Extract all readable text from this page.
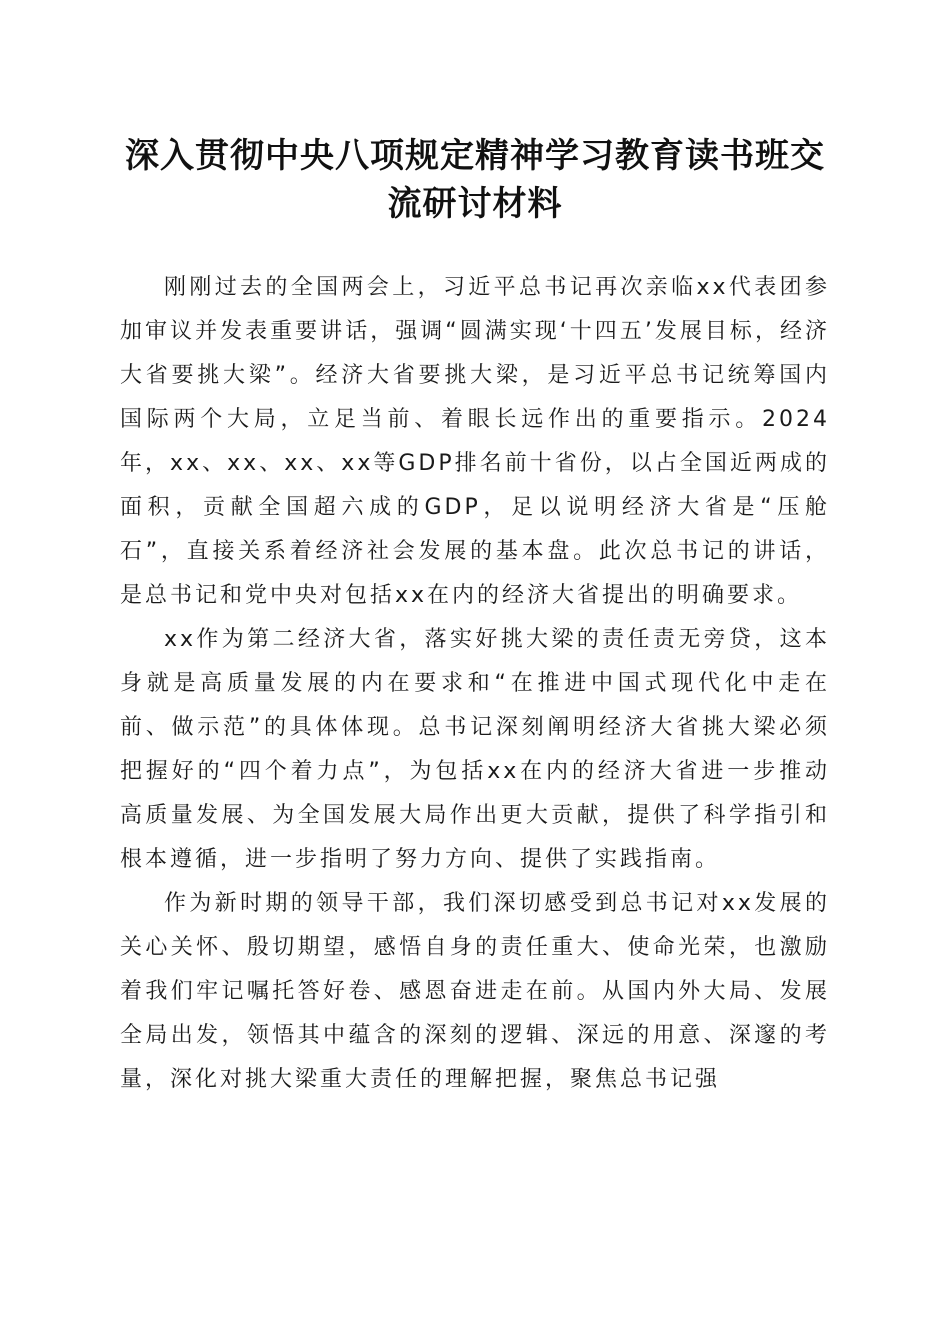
深入贯彻中央八项规定精神学习教育读书班交流研讨材料

刚刚过去的全国两会上，习近平总书记再次亲临xx代表团参加审议并发表重要讲话，强调“圆满实现‘十四五’发展目标，经济大省要挑大梁”。经济大省要挑大梁，是习近平总书记统筹国内国际两个大局，立足当前、着眼长远作出的重要指示。2024年，xx、xx、xx、xx等GDP排名前十省份，以占全国近两成的面积，贡献全国超六成的GDP，足以说明经济大省是“压舱石”，直接关系着经济社会发展的基本盘。此次总书记的讲话，是总书记和党中央对包括xx在内的经济大省提出的明确要求。

xx作为第二经济大省，落实好挑大梁的责任责无旁贷，这本身就是高质量发展的内在要求和“在推进中国式现代化中走在前、做示范”的具体体现。总书记深刻阐明经济大省挑大梁必须把握好的“四个着力点”，为包括xx在内的经济大省进一步推动高质量发展、为全国发展大局作出更大贡献，提供了科学指引和根本遵循，进一步指明了努力方向、提供了实践指南。

作为新时期的领导干部，我们深切感受到总书记对xx发展的关心关怀、殷切期望，感悟自身的责任重大、使命光荣，也激励着我们牢记嘱托答好卷、感恩奋进走在前。从国内外大局、发展全局出发，领悟其中蕴含的深刻的逻辑、深远的用意、深邃的考量，深化对挑大梁重大责任的理解把握，聚焦总书记强
